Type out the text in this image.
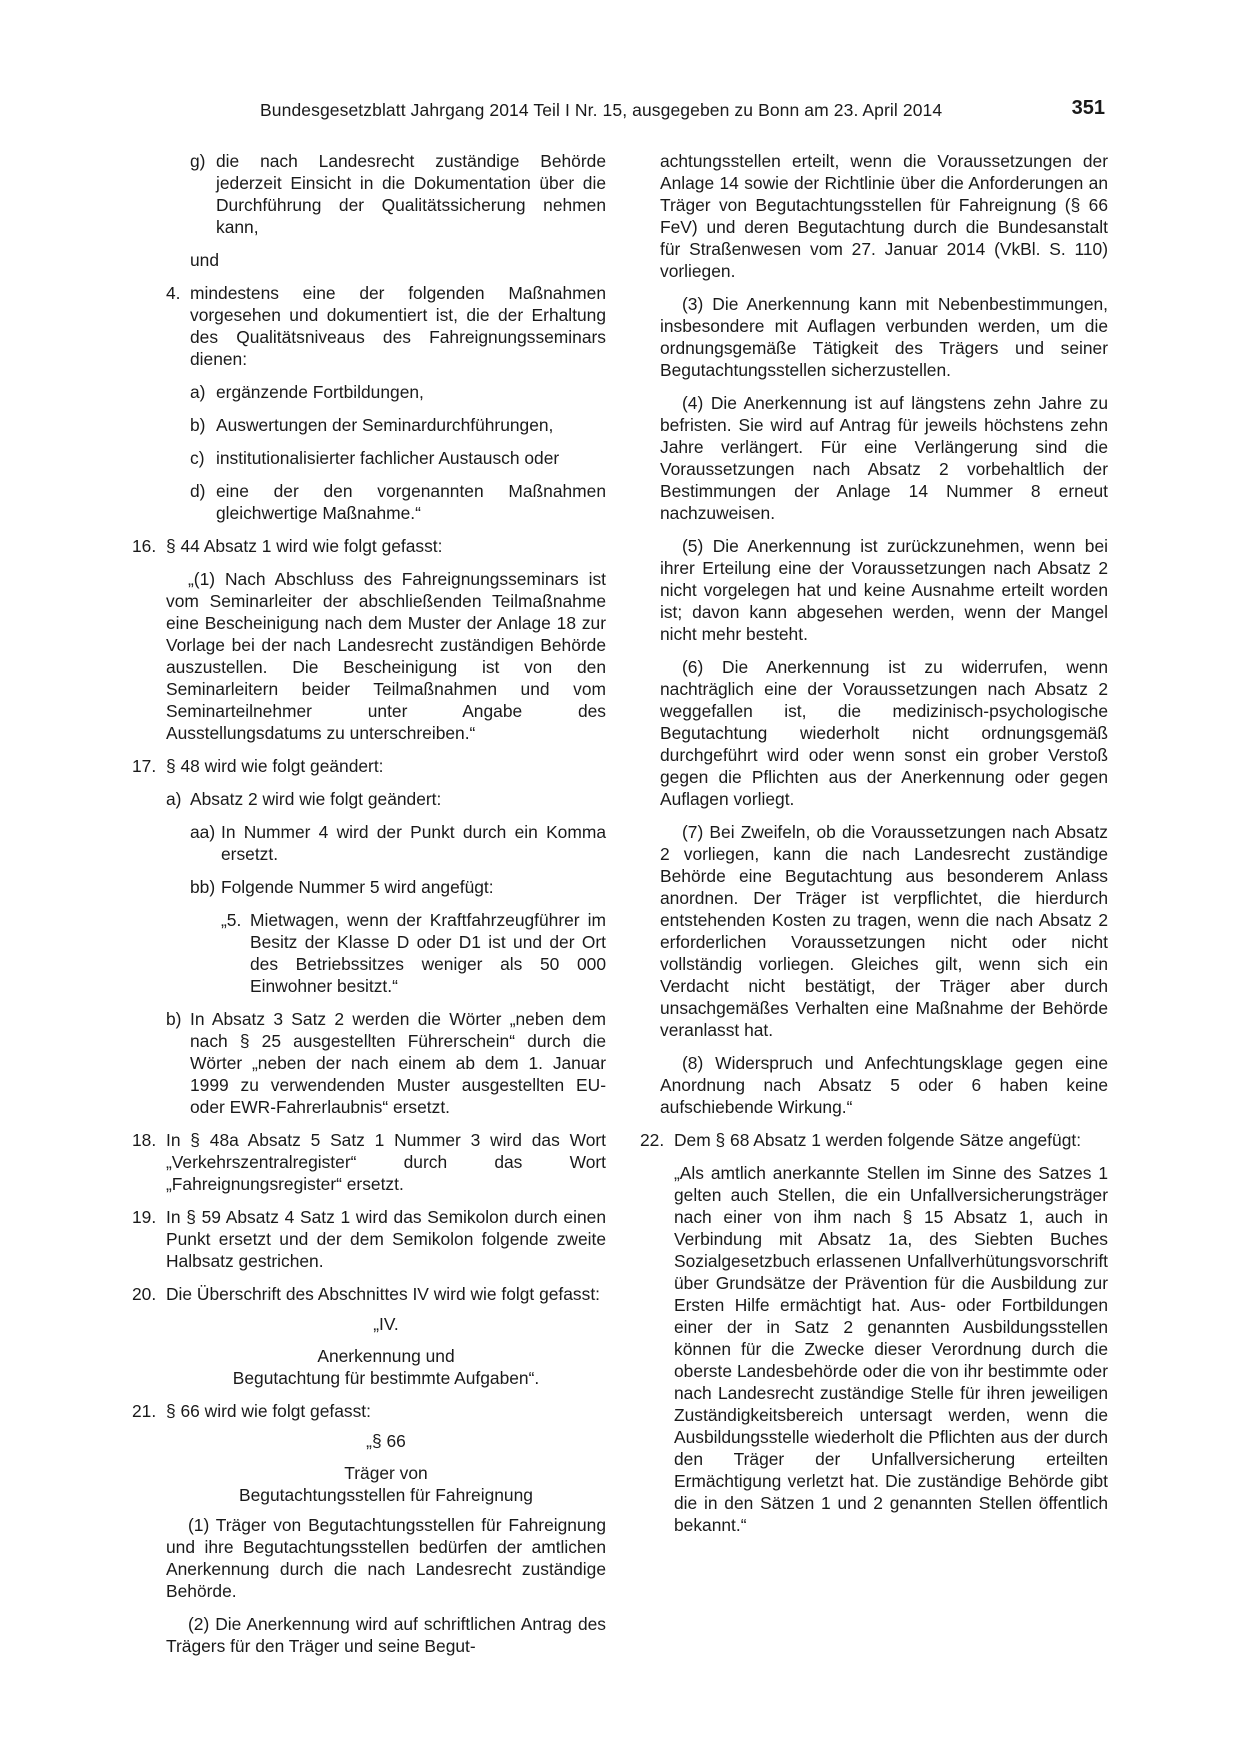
Bundesgesetzblatt Jahrgang 2014 Teil I Nr. 15, ausgegeben zu Bonn am 23. April 2014	351
g) die nach Landesrecht zuständige Behörde jederzeit Einsicht in die Dokumentation über die Durchführung der Qualitätssicherung nehmen kann,

und

4. mindestens eine der folgenden Maßnahmen vorgesehen und dokumentiert ist, die der Erhaltung des Qualitätsniveaus des Fahreignungsseminars dienen:
a) ergänzende Fortbildungen,
b) Auswertungen der Seminardurchführungen,
c) institutionalisierter fachlicher Austausch oder
d) eine der den vorgenannten Maßnahmen gleichwertige Maßnahme.“
16. § 44 Absatz 1 wird wie folgt gefasst:

„(1) Nach Abschluss des Fahreignungsseminars ist vom Seminarleiter der abschließenden Teilmaßnahme eine Bescheinigung nach dem Muster der Anlage 18 zur Vorlage bei der nach Landesrecht zuständigen Behörde auszustellen. Die Bescheinigung ist von den Seminarleitern beider Teilmaßnahmen und vom Seminarteilnehmer unter Angabe des Ausstellungsdatums zu unterschreiben.“

17. § 48 wird wie folgt geändert:
a) Absatz 2 wird wie folgt geändert:
aa) In Nummer 4 wird der Punkt durch ein Komma ersetzt.
bb) Folgende Nummer 5 wird angefügt:
„5. Mietwagen, wenn der Kraftfahrzeugführer im Besitz der Klasse D oder D1 ist und der Ort des Betriebssitzes weniger als 50 000 Einwohner besitzt.“
b) In Absatz 3 Satz 2 werden die Wörter „neben dem nach § 25 ausgestellten Führerschein“ durch die Wörter „neben der nach einem ab dem 1. Januar 1999 zu verwendenden Muster ausgestellten EU- oder EWR-Fahrerlaubnis“ ersetzt.
18. In § 48a Absatz 5 Satz 1 Nummer 3 wird das Wort „Verkehrszentralregister“ durch das Wort „Fahreignungsregister“ ersetzt.
19. In § 59 Absatz 4 Satz 1 wird das Semikolon durch einen Punkt ersetzt und der dem Semikolon folgende zweite Halbsatz gestrichen.
20. Die Überschrift des Abschnittes IV wird wie folgt gefasst:

„IV.

Anerkennung und

Begutachtung für bestimmte Aufgaben“.

21. § 66 wird wie folgt gefasst:

„§ 66

Träger von

Begutachtungsstellen für Fahreignung

(1) Träger von Begutachtungsstellen für Fahreignung und ihre Begutachtungsstellen bedürfen der amtlichen Anerkennung durch die nach Landesrecht zuständige Behörde.

(2) Die Anerkennung wird auf schriftlichen Antrag des Trägers für den Träger und seine Begut-

achtungsstellen erteilt, wenn die Voraussetzungen der Anlage 14 sowie der Richtlinie über die Anforderungen an Träger von Begutachtungsstellen für Fahreignung (§ 66 FeV) und deren Begutachtung durch die Bundesanstalt für Straßenwesen vom 27. Januar 2014 (VkBl. S. 110) vorliegen.

(3) Die Anerkennung kann mit Nebenbestimmungen, insbesondere mit Auflagen verbunden werden, um die ordnungsgemäße Tätigkeit des Trägers und seiner Begutachtungsstellen sicherzustellen.

(4) Die Anerkennung ist auf längstens zehn Jahre zu befristen. Sie wird auf Antrag für jeweils höchstens zehn Jahre verlängert. Für eine Verlängerung sind die Voraussetzungen nach Absatz 2 vorbehaltlich der Bestimmungen der Anlage 14 Nummer 8 erneut nachzuweisen.

(5) Die Anerkennung ist zurückzunehmen, wenn bei ihrer Erteilung eine der Voraussetzungen nach Absatz 2 nicht vorgelegen hat und keine Ausnahme erteilt worden ist; davon kann abgesehen werden, wenn der Mangel nicht mehr besteht.

(6) Die Anerkennung ist zu widerrufen, wenn nachträglich eine der Voraussetzungen nach Absatz 2 weggefallen ist, die medizinisch-psychologische Begutachtung wiederholt nicht ordnungsgemäß durchgeführt wird oder wenn sonst ein grober Verstoß gegen die Pflichten aus der Anerkennung oder gegen Auflagen vorliegt.

(7) Bei Zweifeln, ob die Voraussetzungen nach Absatz 2 vorliegen, kann die nach Landesrecht zuständige Behörde eine Begutachtung aus besonderem Anlass anordnen. Der Träger ist verpflichtet, die hierdurch entstehenden Kosten zu tragen, wenn die nach Absatz 2 erforderlichen Voraussetzungen nicht oder nicht vollständig vorliegen. Gleiches gilt, wenn sich ein Verdacht nicht bestätigt, der Träger aber durch unsachgemäßes Verhalten eine Maßnahme der Behörde veranlasst hat.

(8) Widerspruch und Anfechtungsklage gegen eine Anordnung nach Absatz 5 oder 6 haben keine aufschiebende Wirkung.“

22. Dem § 68 Absatz 1 werden folgende Sätze angefügt:

„Als amtlich anerkannte Stellen im Sinne des Satzes 1 gelten auch Stellen, die ein Unfallversicherungsträger nach einer von ihm nach § 15 Absatz 1, auch in Verbindung mit Absatz 1a, des Siebten Buches Sozialgesetzbuch erlassenen Unfallverhütungsvorschrift über Grundsätze der Prävention für die Ausbildung zur Ersten Hilfe ermächtigt hat. Aus- oder Fortbildungen einer der in Satz 2 genannten Ausbildungsstellen können für die Zwecke dieser Verordnung durch die oberste Landesbehörde oder die von ihr bestimmte oder nach Landesrecht zuständige Stelle für ihren jeweiligen Zuständigkeitsbereich untersagt werden, wenn die Ausbildungsstelle wiederholt die Pflichten aus der durch den Träger der Unfallversicherung erteilten Ermächtigung verletzt hat. Die zuständige Behörde gibt die in den Sätzen 1 und 2 genannten Stellen öffentlich bekannt.“
